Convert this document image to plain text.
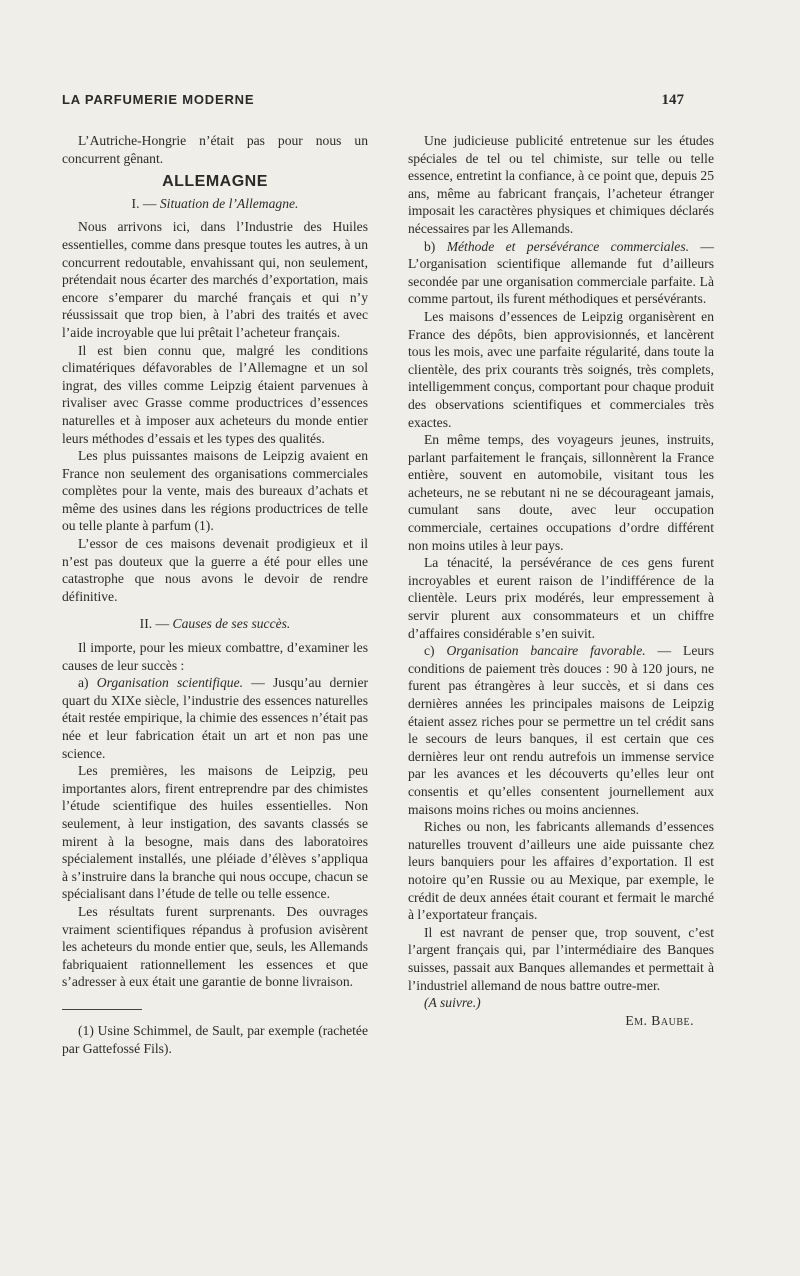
LA PARFUMERIE MODERNE	147

L’Autriche-Hongrie n’était pas pour nous un concurrent gênant.

ALLEMAGNE
I. — Situation de l’Allemagne.

Nous arrivons ici, dans l’Industrie des Huiles essentielles, comme dans presque toutes les autres, à un concurrent redoutable, envahissant qui, non seulement, prétendait nous écarter des marchés d’exportation, mais encore s’emparer du marché français et qui n’y réussissait que trop bien, à l’abri des traités et avec l’aide incroyable que lui prêtait l’acheteur français.

Il est bien connu que, malgré les conditions climatériques défavorables de l’Allemagne et un sol ingrat, des villes comme Leipzig étaient parvenues à rivaliser avec Grasse comme productrices d’essences naturelles et à imposer aux acheteurs du monde entier leurs méthodes d’essais et les types des qualités.

Les plus puissantes maisons de Leipzig avaient en France non seulement des organisations commerciales complètes pour la vente, mais des bureaux d’achats et même des usines dans les régions productrices de telle ou telle plante à parfum (1).

L’essor de ces maisons devenait prodigieux et il n’est pas douteux que la guerre a été pour elles une catastrophe que nous avons le devoir de rendre définitive.

II. — Causes de ses succès.

Il importe, pour les mieux combattre, d’examiner les causes de leur succès :

a) Organisation scientifique. — Jusqu’au dernier quart du XIXe siècle, l’industrie des essences naturelles était restée empirique, la chimie des essences n’était pas née et leur fabrication était un art et non pas une science.

Les premières, les maisons de Leipzig, peu importantes alors, firent entreprendre par des chimistes l’étude scientifique des huiles essentielles. Non seulement, à leur instigation, des savants classés se mirent à la besogne, mais dans des laboratoires spécialement installés, une pléiade d’élèves s’appliqua à s’instruire dans la branche qui nous occupe, chacun se spécialisant dans l’étude de telle ou telle essence.

Les résultats furent surprenants. Des ouvrages vraiment scientifiques répandus à profusion avisèrent les acheteurs du monde entier que, seuls, les Allemands fabriquaient rationnellement les essences et que s’adresser à eux était une garantie de bonne livraison.

(1) Usine Schimmel, de Sault, par exemple (rachetée par Gattefossé Fils).

Une judicieuse publicité entretenue sur les études spéciales de tel ou tel chimiste, sur telle ou telle essence, entretint la confiance, à ce point que, depuis 25 ans, même au fabricant français, l’acheteur étranger imposait les caractères physiques et chimiques déclarés nécessaires par les Allemands.

b) Méthode et persévérance commerciales. — L’organisation scientifique allemande fut d’ailleurs secondée par une organisation commerciale parfaite. Là comme partout, ils furent méthodiques et persévérants.

Les maisons d’essences de Leipzig organisèrent en France des dépôts, bien approvisionnés, et lancèrent tous les mois, avec une parfaite régularité, dans toute la clientèle, des prix courants très soignés, très complets, intelligemment conçus, comportant pour chaque produit des observations scientifiques et commerciales très exactes.

En même temps, des voyageurs jeunes, instruits, parlant parfaitement le français, sillonnèrent la France entière, souvent en automobile, visitant tous les acheteurs, ne se rebutant ni ne se décourageant jamais, cumulant sans doute, avec leur occupation commerciale, certaines occupations d’ordre différent non moins utiles à leur pays.

La ténacité, la persévérance de ces gens furent incroyables et eurent raison de l’indifférence de la clientèle. Leurs prix modérés, leur empressement à servir plurent aux consommateurs et un chiffre d’affaires considérable s’en suivit.

c) Organisation bancaire favorable. — Leurs conditions de paiement très douces : 90 à 120 jours, ne furent pas étrangères à leur succès, et si dans ces dernières années les principales maisons de Leipzig étaient assez riches pour se permettre un tel crédit sans le secours de leurs banques, il est certain que ces dernières leur ont rendu autrefois un immense service par les avances et les découverts qu’elles leur ont consentis et qu’elles consentent journellement aux maisons moins riches ou moins anciennes.

Riches ou non, les fabricants allemands d’essences naturelles trouvent d’ailleurs une aide puissante chez leurs banquiers pour les affaires d’exportation. Il est notoire qu’en Russie ou au Mexique, par exemple, le crédit de deux années était courant et fermait le marché à l’exportateur français.

Il est navrant de penser que, trop souvent, c’est l’argent français qui, par l’intermédiaire des Banques suisses, passait aux Banques allemandes et permettait à l’industriel allemand de nous battre outre-mer.

(A suivre.)

Em. Baube.
